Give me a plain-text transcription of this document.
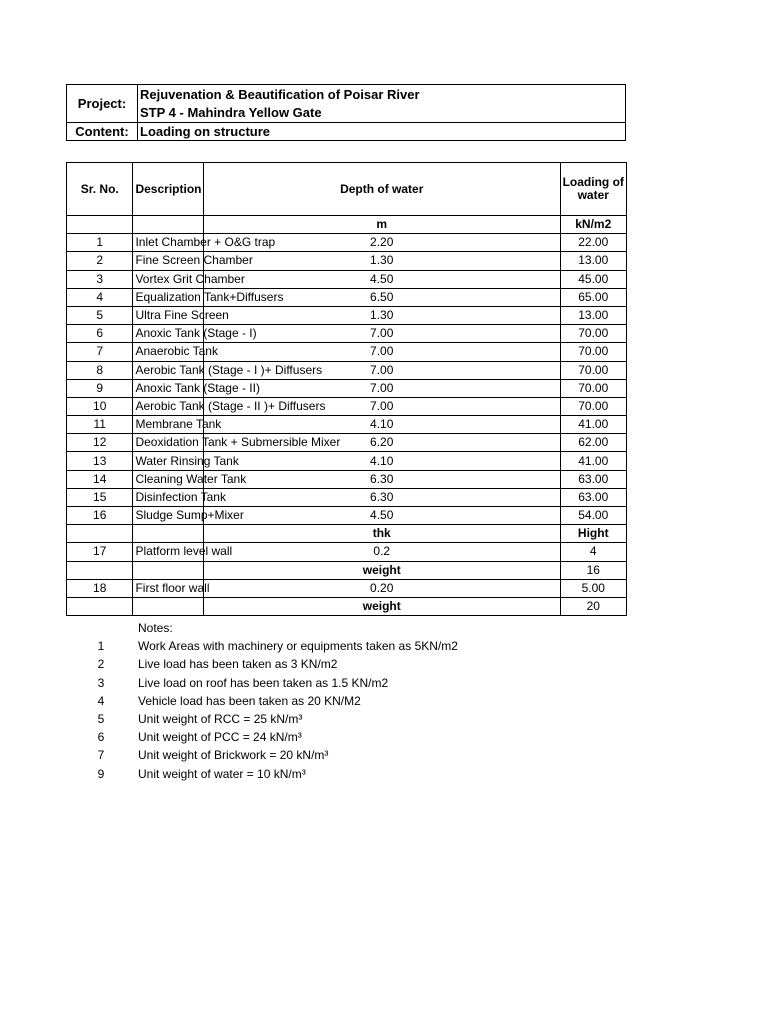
Project:	Rejuvenation & Beautification of Poisar River
STP 4 - Mahindra Yellow Gate

Content:	Loading on structure
Sr. No.	Description	Depth of water	Loading of water
		m	kN/m2
1	Inlet Chamber + O&G trap	2.20	22.00
2	Fine Screen Chamber	1.30	13.00
3	Vortex Grit Chamber	4.50	45.00
4	Equalization Tank+Diffusers	6.50	65.00
5	Ultra Fine Screen	1.30	13.00
6	Anoxic Tank (Stage - I)	7.00	70.00
7	Anaerobic Tank	7.00	70.00
8	Aerobic Tank (Stage - I )+ Diffusers	7.00	70.00
9	Anoxic Tank (Stage - II)	7.00	70.00
10	Aerobic Tank (Stage - II )+ Diffusers	7.00	70.00
11	Membrane Tank	4.10	41.00
12	Deoxidation Tank + Submersible Mixer	6.20	62.00
13	Water Rinsing Tank	4.10	41.00
14	Cleaning Water Tank	6.30	63.00
15	Disinfection Tank	6.30	63.00
16	Sludge Sump+Mixer	4.50	54.00
		thk	Hight
17	Platform level wall	0.2	4
		weight	16
18	First floor wall	0.20	5.00
		weight	20
Notes:
1	Work Areas with machinery or equipments taken as 5KN/m2
2	Live load has been taken as 3 KN/m2
3	Live load on roof has been taken as 1.5 KN/m2
4	Vehicle load has been taken as 20 KN/M2
5	Unit weight of RCC = 25 kN/m³
6	Unit weight of PCC = 24 kN/m³
7	Unit weight of Brickwork = 20 kN/m³
9	Unit weight of water = 10 kN/m³
